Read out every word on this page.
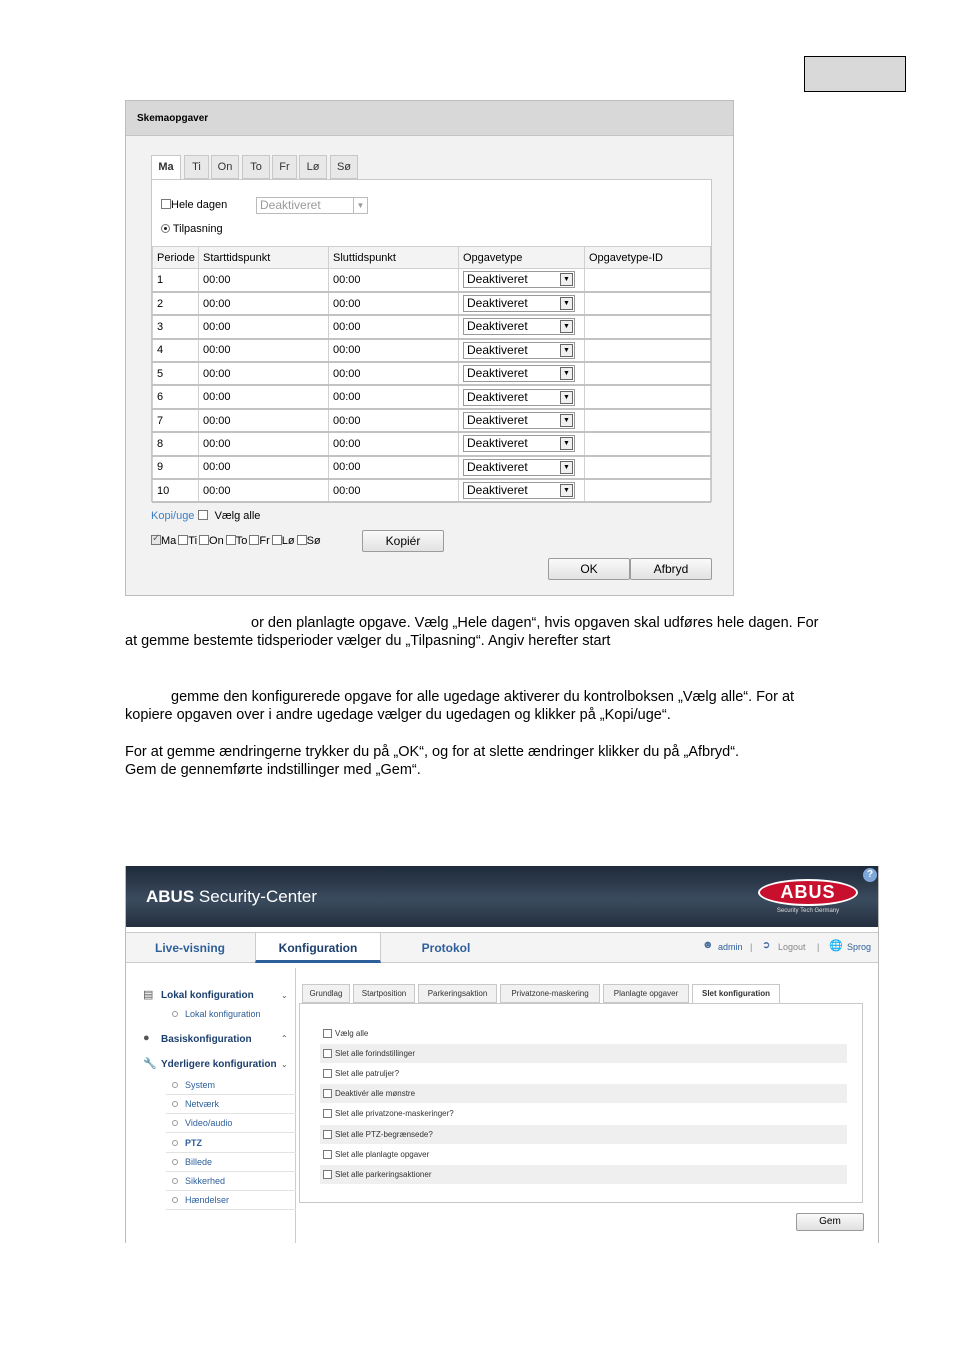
Skemaopgaver
Ma	Ti	On	To	Fr	Lø	Sø
Hele dagen	Deaktiveret	▼
Tilpasning
Periode	Starttidspunkt	Sluttidspunkt	Opgavetype	Opgavetype-ID
1	00:00	00:00	Deaktiveret ▼	

2	00:00	00:00	Deaktiveret ▼	

3	00:00	00:00	Deaktiveret ▼	

4	00:00	00:00	Deaktiveret ▼	

5	00:00	00:00	Deaktiveret ▼	

6	00:00	00:00	Deaktiveret ▼	

7	00:00	00:00	Deaktiveret ▼	

8	00:00	00:00	Deaktiveret ▼	

9	00:00	00:00	Deaktiveret ▼	

10	00:00	00:00	Deaktiveret ▼	

Kopi/uge Vælg alle
✓Ma Ti On To Fr Lø Sø	Kopiér
OK	Afbryd
or den planlagte opgave. Vælg „Hele dagen“, hvis opgaven skal udføres hele dagen. For
at gemme bestemte tidsperioder vælger du „Tilpasning“. Angiv herefter start
gemme den konfigurerede opgave for alle ugedage aktiverer du kontrolboksen „Vælg alle“. For at
kopiere opgaven over i andre ugedage vælger du ugedagen og klikker på „Kopi/uge“.
For at gemme ændringerne trykker du på „OK“, og for at slette ændringer klikker du på „Afbryd“.
Gem de gennemførte indstillinger med „Gem“.
ABUS Security-Center	ABUS
Security Tech Germany
?
Live-visning	Konfiguration	Protokol	☻ admin | ➲ Logout | 🌐 Sprog
▤ Lokal konfiguration	⌄
Lokal konfiguration
● Basiskonfiguration	⌃
🔧 Yderligere konfiguration ⌄
System
Netværk
Video/audio
PTZ
Billede
Sikkerhed
Hændelser
Grundlag	Startposition	Parkeringsaktion	Privatzone-maskering	Planlagte opgaver	Slet konfiguration
Vælg alle
Slet alle forindstillinger
Slet alle patruljer?
Deaktivér alle mønstre
Slet alle privatzone-maskeringer?
Slet alle PTZ-begrænsede?
Slet alle planlagte opgaver
Slet alle parkeringsaktioner
Gem
